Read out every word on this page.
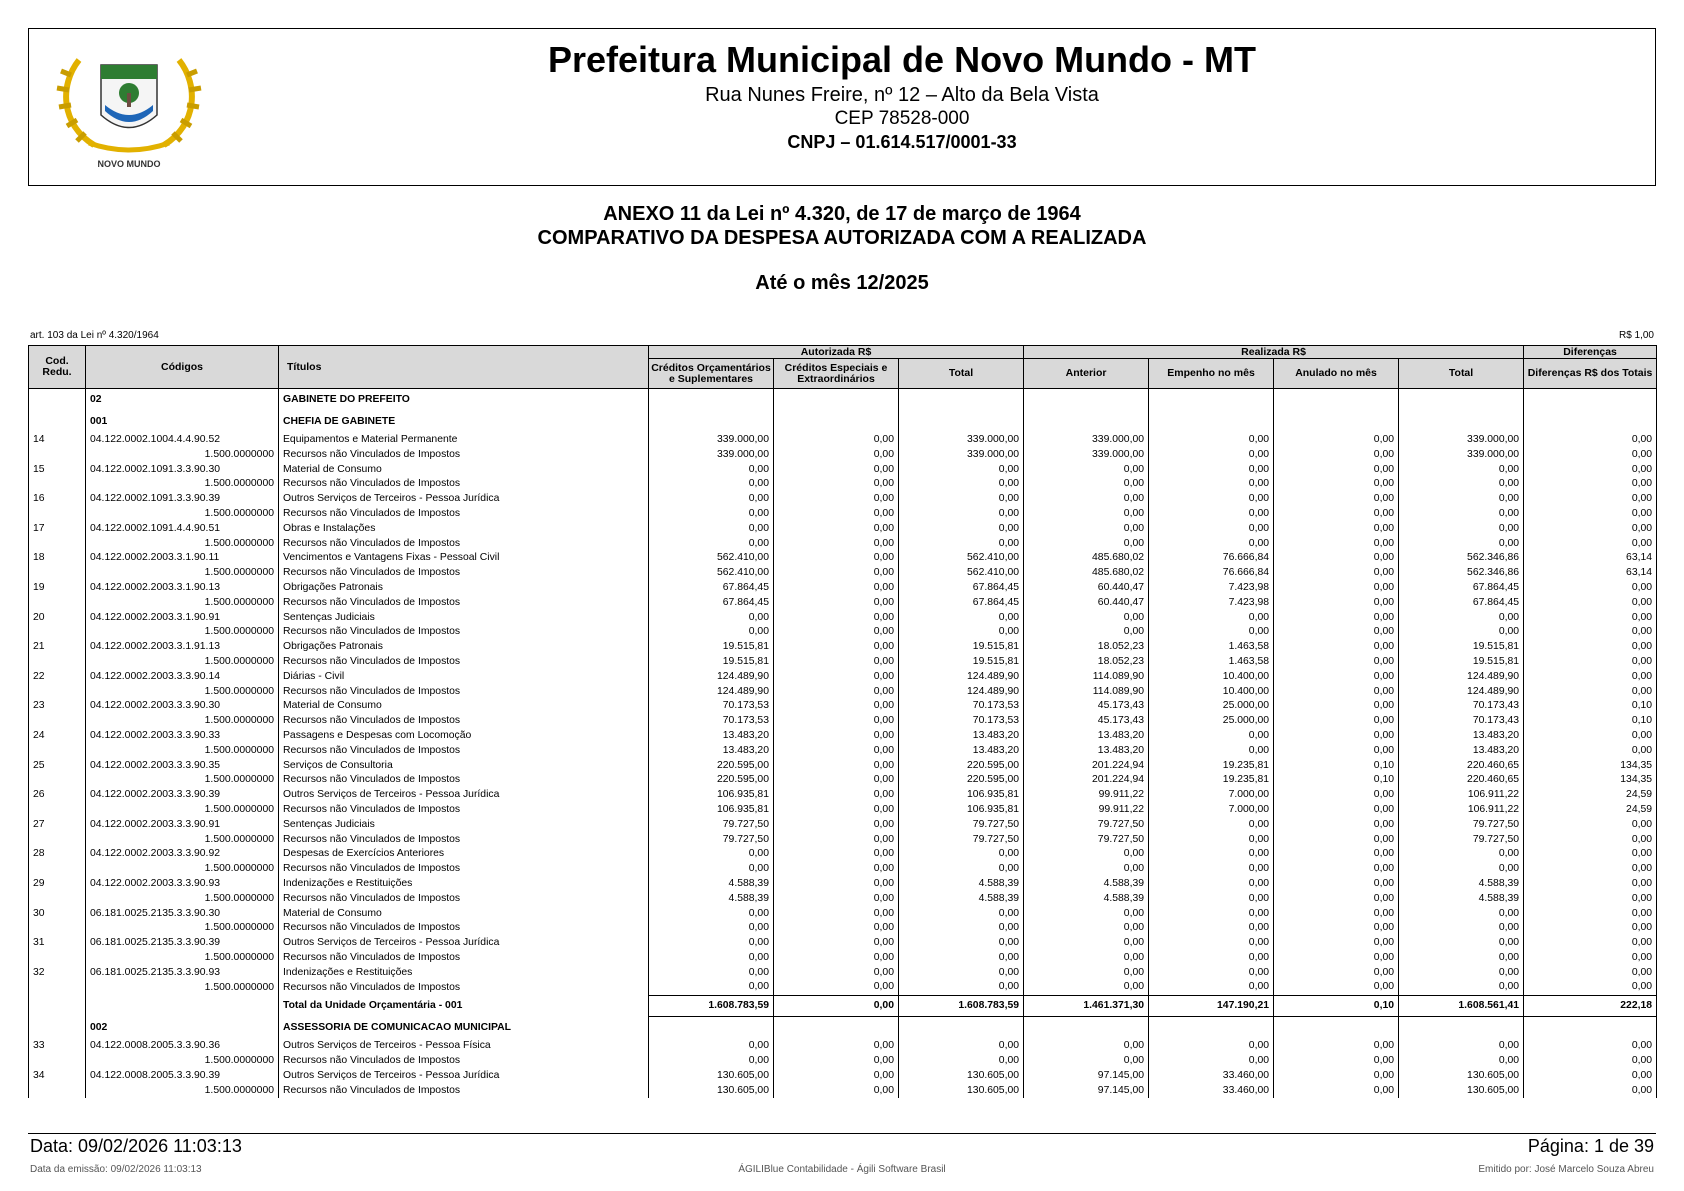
NOVO MUNDO
Prefeitura Municipal de Novo Mundo - MT
Rua Nunes Freire, nº 12 – Alto da Bela Vista
CEP 78528-000
CNPJ – 01.614.517/0001-33
ANEXO 11 da Lei nº 4.320, de 17 de março de 1964
COMPARATIVO DA DESPESA AUTORIZADA COM A REALIZADA
Até o mês 12/2025
art. 103 da Lei nº 4.320/1964	R$ 1,00
Cod. Redu.	Códigos	Títulos	Autorizada R$			Realizada R$				Diferenças
			Créditos Orçamentários e Suplementares	Créditos Especiais e Extraordinários	Total	Anterior	Empenho no mês	Anulado no mês	Total	Diferenças R$ dos Totais
	02	GABINETE DO PREFEITO								
	001	CHEFIA DE GABINETE								
14	04.122.0002.1004.4.4.90.52	Equipamentos e Material Permanente	339.000,00	0,00	339.000,00	339.000,00	0,00	0,00	339.000,00	0,00
	1.500.0000000	Recursos não Vinculados de Impostos	339.000,00	0,00	339.000,00	339.000,00	0,00	0,00	339.000,00	0,00
15	04.122.0002.1091.3.3.90.30	Material de Consumo	0,00	0,00	0,00	0,00	0,00	0,00	0,00	0,00
	1.500.0000000	Recursos não Vinculados de Impostos	0,00	0,00	0,00	0,00	0,00	0,00	0,00	0,00
16	04.122.0002.1091.3.3.90.39	Outros Serviços de Terceiros - Pessoa Jurídica	0,00	0,00	0,00	0,00	0,00	0,00	0,00	0,00
	1.500.0000000	Recursos não Vinculados de Impostos	0,00	0,00	0,00	0,00	0,00	0,00	0,00	0,00
17	04.122.0002.1091.4.4.90.51	Obras e Instalações	0,00	0,00	0,00	0,00	0,00	0,00	0,00	0,00
	1.500.0000000	Recursos não Vinculados de Impostos	0,00	0,00	0,00	0,00	0,00	0,00	0,00	0,00
18	04.122.0002.2003.3.1.90.11	Vencimentos e Vantagens Fixas - Pessoal Civil	562.410,00	0,00	562.410,00	485.680,02	76.666,84	0,00	562.346,86	63,14
	1.500.0000000	Recursos não Vinculados de Impostos	562.410,00	0,00	562.410,00	485.680,02	76.666,84	0,00	562.346,86	63,14
19	04.122.0002.2003.3.1.90.13	Obrigações Patronais	67.864,45	0,00	67.864,45	60.440,47	7.423,98	0,00	67.864,45	0,00
	1.500.0000000	Recursos não Vinculados de Impostos	67.864,45	0,00	67.864,45	60.440,47	7.423,98	0,00	67.864,45	0,00
20	04.122.0002.2003.3.1.90.91	Sentenças Judiciais	0,00	0,00	0,00	0,00	0,00	0,00	0,00	0,00
	1.500.0000000	Recursos não Vinculados de Impostos	0,00	0,00	0,00	0,00	0,00	0,00	0,00	0,00
21	04.122.0002.2003.3.1.91.13	Obrigações Patronais	19.515,81	0,00	19.515,81	18.052,23	1.463,58	0,00	19.515,81	0,00
	1.500.0000000	Recursos não Vinculados de Impostos	19.515,81	0,00	19.515,81	18.052,23	1.463,58	0,00	19.515,81	0,00
22	04.122.0002.2003.3.3.90.14	Diárias - Civil	124.489,90	0,00	124.489,90	114.089,90	10.400,00	0,00	124.489,90	0,00
	1.500.0000000	Recursos não Vinculados de Impostos	124.489,90	0,00	124.489,90	114.089,90	10.400,00	0,00	124.489,90	0,00
23	04.122.0002.2003.3.3.90.30	Material de Consumo	70.173,53	0,00	70.173,53	45.173,43	25.000,00	0,00	70.173,43	0,10
	1.500.0000000	Recursos não Vinculados de Impostos	70.173,53	0,00	70.173,53	45.173,43	25.000,00	0,00	70.173,43	0,10
24	04.122.0002.2003.3.3.90.33	Passagens e Despesas com Locomoção	13.483,20	0,00	13.483,20	13.483,20	0,00	0,00	13.483,20	0,00
	1.500.0000000	Recursos não Vinculados de Impostos	13.483,20	0,00	13.483,20	13.483,20	0,00	0,00	13.483,20	0,00
25	04.122.0002.2003.3.3.90.35	Serviços de Consultoria	220.595,00	0,00	220.595,00	201.224,94	19.235,81	0,10	220.460,65	134,35
	1.500.0000000	Recursos não Vinculados de Impostos	220.595,00	0,00	220.595,00	201.224,94	19.235,81	0,10	220.460,65	134,35
26	04.122.0002.2003.3.3.90.39	Outros Serviços de Terceiros - Pessoa Jurídica	106.935,81	0,00	106.935,81	99.911,22	7.000,00	0,00	106.911,22	24,59
	1.500.0000000	Recursos não Vinculados de Impostos	106.935,81	0,00	106.935,81	99.911,22	7.000,00	0,00	106.911,22	24,59
27	04.122.0002.2003.3.3.90.91	Sentenças Judiciais	79.727,50	0,00	79.727,50	79.727,50	0,00	0,00	79.727,50	0,00
	1.500.0000000	Recursos não Vinculados de Impostos	79.727,50	0,00	79.727,50	79.727,50	0,00	0,00	79.727,50	0,00
28	04.122.0002.2003.3.3.90.92	Despesas de Exercícios Anteriores	0,00	0,00	0,00	0,00	0,00	0,00	0,00	0,00
	1.500.0000000	Recursos não Vinculados de Impostos	0,00	0,00	0,00	0,00	0,00	0,00	0,00	0,00
29	04.122.0002.2003.3.3.90.93	Indenizações e Restituições	4.588,39	0,00	4.588,39	4.588,39	0,00	0,00	4.588,39	0,00
	1.500.0000000	Recursos não Vinculados de Impostos	4.588,39	0,00	4.588,39	4.588,39	0,00	0,00	4.588,39	0,00
30	06.181.0025.2135.3.3.90.30	Material de Consumo	0,00	0,00	0,00	0,00	0,00	0,00	0,00	0,00
	1.500.0000000	Recursos não Vinculados de Impostos	0,00	0,00	0,00	0,00	0,00	0,00	0,00	0,00
31	06.181.0025.2135.3.3.90.39	Outros Serviços de Terceiros - Pessoa Jurídica	0,00	0,00	0,00	0,00	0,00	0,00	0,00	0,00
	1.500.0000000	Recursos não Vinculados de Impostos	0,00	0,00	0,00	0,00	0,00	0,00	0,00	0,00
32	06.181.0025.2135.3.3.90.93	Indenizações e Restituições	0,00	0,00	0,00	0,00	0,00	0,00	0,00	0,00
	1.500.0000000	Recursos não Vinculados de Impostos	0,00	0,00	0,00	0,00	0,00	0,00	0,00	0,00
		Total da Unidade Orçamentária - 001	1.608.783,59	0,00	1.608.783,59	1.461.371,30	147.190,21	0,10	1.608.561,41	222,18
	002	ASSESSORIA DE COMUNICACAO MUNICIPAL								
33	04.122.0008.2005.3.3.90.36	Outros Serviços de Terceiros - Pessoa Física	0,00	0,00	0,00	0,00	0,00	0,00	0,00	0,00
	1.500.0000000	Recursos não Vinculados de Impostos	0,00	0,00	0,00	0,00	0,00	0,00	0,00	0,00
34	04.122.0008.2005.3.3.90.39	Outros Serviços de Terceiros - Pessoa Jurídica	130.605,00	0,00	130.605,00	97.145,00	33.460,00	0,00	130.605,00	0,00
	1.500.0000000	Recursos não Vinculados de Impostos	130.605,00	0,00	130.605,00	97.145,00	33.460,00	0,00	130.605,00	0,00
Data: 09/02/2026 11:03:13	Página: 1 de 39
Data da emissão: 09/02/2026 11:03:13	ÁGILIBlue Contabilidade - Ágili Software Brasil	Emitido por: José Marcelo Souza Abreu
